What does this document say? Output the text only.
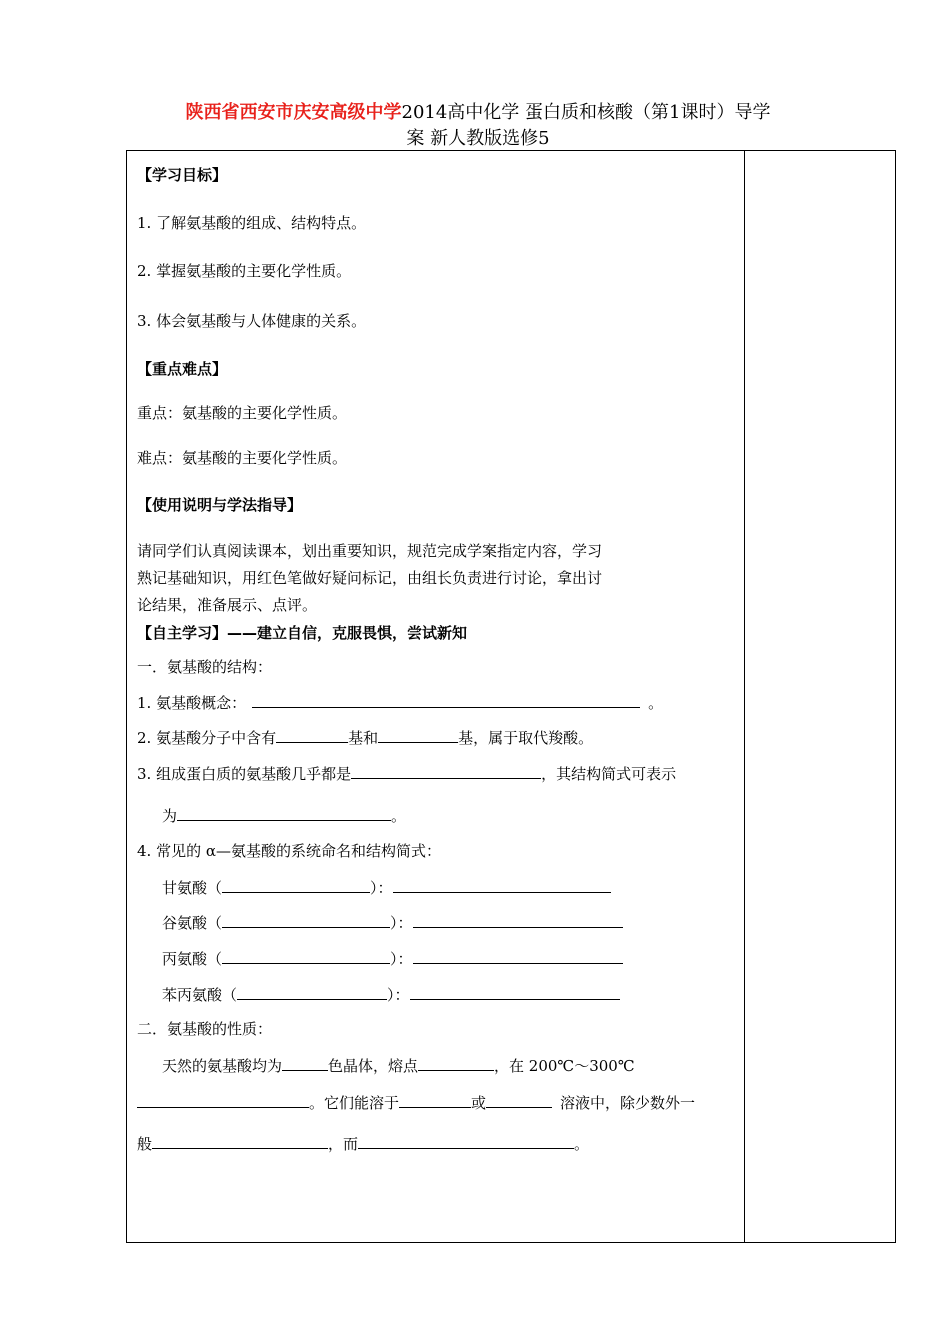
陕西省西安市庆安高级中学2014高中化学 蛋白质和核酸（第1课时）导学
案 新人教版选修5
【学习目标】
1. 了解氨基酸的组成、结构特点。
2. 掌握氨基酸的主要化学性质。
3. 体会氨基酸与人体健康的关系。
【重点难点】
重点：氨基酸的主要化学性质。
难点：氨基酸的主要化学性质。
【使用说明与学法指导】
请同学们认真阅读课本，划出重要知识，规范完成学案指定内容，学习
熟记基础知识，用红色笔做好疑问标记，由组长负责进行讨论，拿出讨
论结果，准备展示、点评。
【自主学习】——建立自信，克服畏惧，尝试新知
一．氨基酸的结构：
1. 氨基酸概念：	。
2. 氨基酸分子中含有	基和	基，属于取代羧酸。
3. 组成蛋白质的氨基酸几乎都是	，其结构简式可表示
为	。
4. 常见的 α—氨基酸的系统命名和结构简式：
甘氨酸（	）：
谷氨酸（	）：
丙氨酸（	）：
苯丙氨酸（	）：
二．氨基酸的性质：
天然的氨基酸均为	色晶体，熔点	，在 200℃～300℃
。它们能溶于	或	溶液中，除少数外一
般	，而	。
